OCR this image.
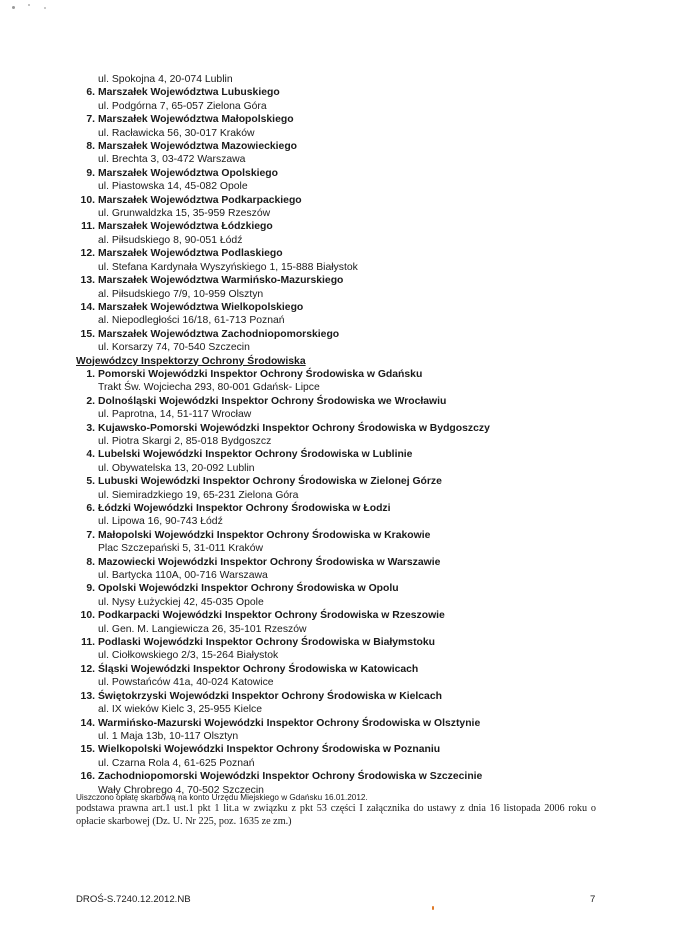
ul. Spokojna 4, 20-074 Lublin
6. Marszałek Województwa Lubuskiego
ul. Podgórna 7, 65-057 Zielona Góra
7. Marszałek Województwa Małopolskiego
ul. Racławicka 56, 30-017 Kraków
8. Marszałek Województwa Mazowieckiego
ul. Brechta 3, 03-472 Warszawa
9. Marszałek Województwa Opolskiego
ul. Piastowska 14, 45-082 Opole
10. Marszałek Województwa Podkarpackiego
ul. Grunwaldzka 15, 35-959 Rzeszów
11. Marszałek Województwa Łódzkiego
al. Piłsudskiego 8, 90-051 Łódź
12. Marszałek Województwa Podlaskiego
ul. Stefana Kardynała Wyszyńskiego 1, 15-888 Białystok
13. Marszałek Województwa Warmińsko-Mazurskiego
al. Piłsudskiego 7/9, 10-959 Olsztyn
14. Marszałek Województwa Wielkopolskiego
al. Niepodległości 16/18, 61-713 Poznań
15. Marszałek Województwa Zachodniopomorskiego
ul. Korsarzy 74, 70-540 Szczecin
Wojewódzcy Inspektorzy Ochrony Środowiska
1. Pomorski Wojewódzki Inspektor Ochrony Środowiska w Gdańsku
Trakt Św. Wojciecha 293, 80-001 Gdańsk- Lipce
2. Dolnośląski Wojewódzki Inspektor Ochrony Środowiska we Wrocławiu
ul. Paprotna, 14, 51-117 Wrocław
3. Kujawsko-Pomorski Wojewódzki Inspektor Ochrony Środowiska w Bydgoszczy
ul. Piotra Skargi 2, 85-018 Bydgoszcz
4. Lubelski Wojewódzki Inspektor Ochrony Środowiska w Lublinie
ul. Obywatelska 13, 20-092 Lublin
5. Lubuski Wojewódzki Inspektor Ochrony Środowiska w Zielonej Górze
ul. Siemiradzkiego 19, 65-231 Zielona Góra
6. Łódzki Wojewódzki Inspektor Ochrony Środowiska w Łodzi
ul. Lipowa 16, 90-743 Łódź
7. Małopolski Wojewódzki Inspektor Ochrony Środowiska w Krakowie
Plac Szczepański 5, 31-011 Kraków
8. Mazowiecki Wojewódzki Inspektor Ochrony Środowiska w Warszawie
ul. Bartycka 110A, 00-716 Warszawa
9. Opolski Wojewódzki Inspektor Ochrony Środowiska w Opolu
ul. Nysy Łużyckiej 42, 45-035 Opole
10. Podkarpacki Wojewódzki Inspektor Ochrony Środowiska w Rzeszowie
ul. Gen. M. Langiewicza 26, 35-101 Rzeszów
11. Podlaski Wojewódzki Inspektor Ochrony Środowiska w Białymstoku
ul. Ciołkowskiego 2/3, 15-264 Białystok
12. Śląski Wojewódzki Inspektor Ochrony Środowiska w Katowicach
ul. Powstańców 41a, 40-024 Katowice
13. Świętokrzyski Wojewódzki Inspektor Ochrony Środowiska w Kielcach
al. IX wieków Kielc 3, 25-955 Kielce
14. Warmińsko-Mazurski Wojewódzki Inspektor Ochrony Środowiska w Olsztynie
ul. 1 Maja 13b, 10-117 Olsztyn
15. Wielkopolski Wojewódzki Inspektor Ochrony Środowiska w Poznaniu
ul. Czarna Rola 4, 61-625 Poznań
16. Zachodniopomorski Wojewódzki Inspektor Ochrony Środowiska w Szczecinie
Wały Chrobrego 4, 70-502 Szczecin
Uiszczono opłatę skarbową na konto Urzędu Miejskiego w Gdańsku 16.01.2012.
podstawa prawna art.1 ust.1 pkt 1 lit.a w związku z pkt 53 części I załącznika do ustawy z dnia 16 listopada 2006 roku o opłacie skarbowej (Dz. U. Nr 225, poz. 1635 ze zm.)
DROŚ-S.7240.12.2012.NB	7
